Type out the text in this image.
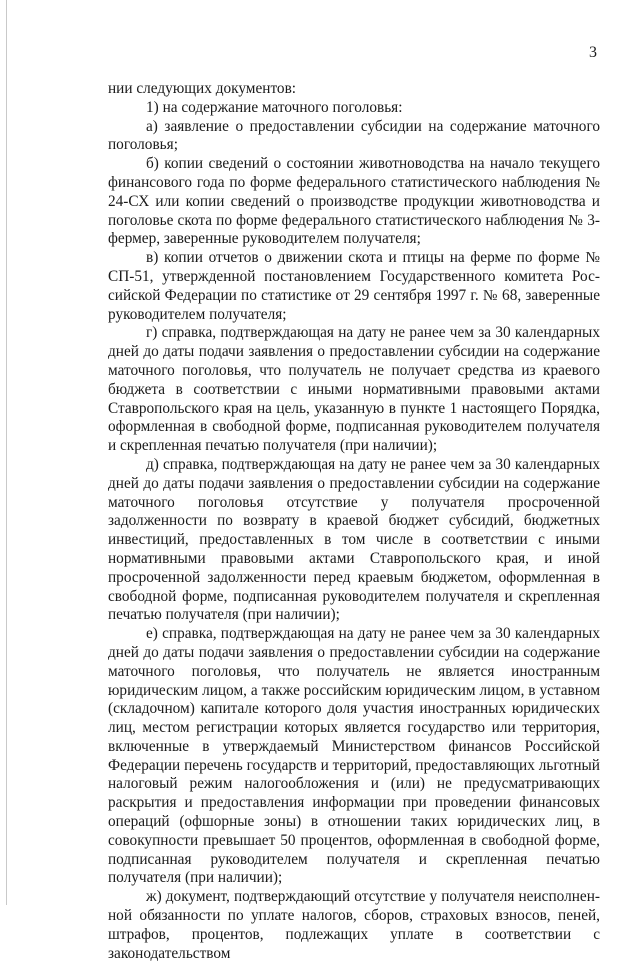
3

нии следующих документов:

1) на содержание маточного поголовья:

а) заявление о предоставлении субсидии на содержание маточного поголовья;

б) копии сведений о состоянии животноводства на начало текущего финансового года по форме федерального статистического наблюдения № 24-СХ или копии сведений о производстве продукции животноводства и поголовье скота по форме федерального статистического наблюдения № 3-фермер, заверенные руководителем получателя;

в) копии отчетов о движении скота и птицы на ферме по форме № СП-51, утвержденной постановлением Государственного комитета Российской Федерации по статистике от 29 сентября 1997 г. № 68, заверенные руководителем получателя;

г) справка, подтверждающая на дату не ранее чем за 30 календарных дней до даты подачи заявления о предоставлении субсидии на содержание маточного поголовья, что получатель не получает средства из краевого бюджета в соответствии с иными нормативными правовыми актами Ставропольского края на цель, указанную в пункте 1 настоящего Порядка, оформленная в свободной форме, подписанная руководителем получателя и скрепленная печатью получателя (при наличии);

д) справка, подтверждающая на дату не ранее чем за 30 календарных дней до даты подачи заявления о предоставлении субсидии на содержание маточного поголовья отсутствие у получателя просроченной задолженности по возврату в краевой бюджет субсидий, бюджетных инвестиций, предоставленных в том числе в соответствии с иными нормативными правовыми актами Ставропольского края, и иной просроченной задолженности перед краевым бюджетом, оформленная в свободной форме, подписанная руководителем получателя и скрепленная печатью получателя (при наличии);

е) справка, подтверждающая на дату не ранее чем за 30 календарных дней до даты подачи заявления о предоставлении субсидии на содержание маточного поголовья, что получатель не является иностранным юридическим лицом, а также российским юридическим лицом, в уставном (складочном) капитале которого доля участия иностранных юридических лиц, местом регистрации которых является государство или территория, включенные в утверждаемый Министерством финансов Российской Федерации перечень государств и территорий, предоставляющих льготный налоговый режим налогообложения и (или) не предусматривающих раскрытия и предоставления информации при проведении финансовых операций (офшорные зоны) в отношении таких юридических лиц, в совокупности превышает 50 процентов, оформленная в свободной форме, подписанная руководителем получателя и скрепленная печатью получателя (при наличии);

ж) документ, подтверждающий отсутствие у получателя неисполненной обязанности по уплате налогов, сборов, страховых взносов, пеней, штрафов, процентов, подлежащих уплате в соответствии с законодательством
